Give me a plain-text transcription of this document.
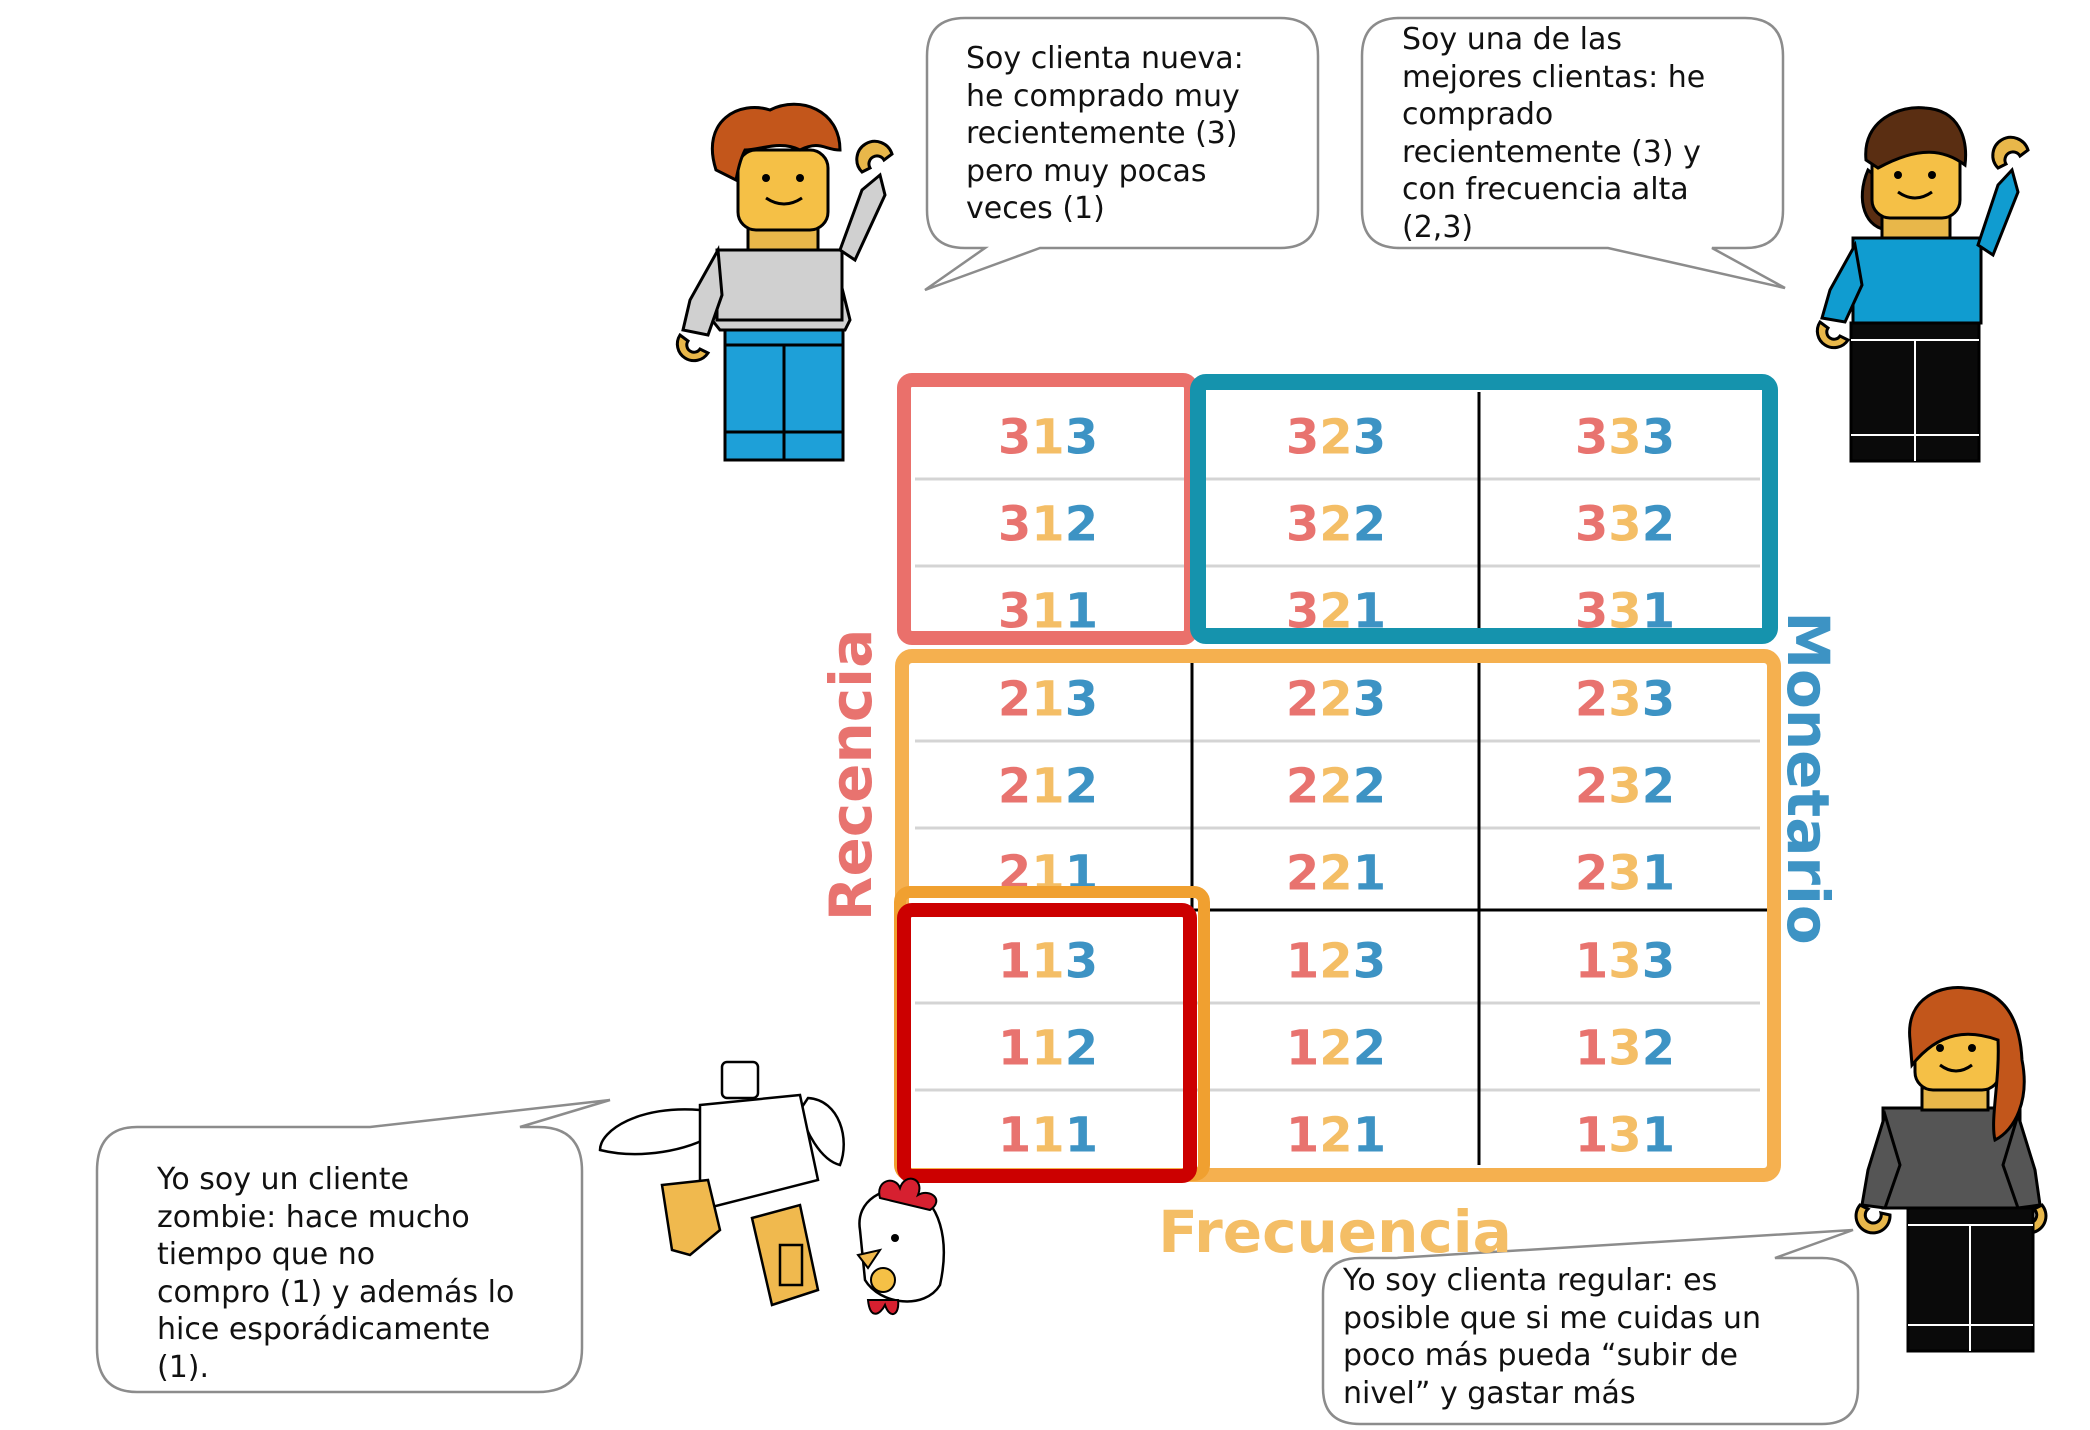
313
312
311
323
322
321
333
332
331
213
212
211
223
222
221
233
232
231
113
112
111
123
122
121
133
132
131
Recencia	Monetario
Frecuencia
Soy clienta nueva:
he comprado muy
recientemente (3)
pero muy pocas
veces (1)
Soy una de las
mejores clientas: he
comprado
recientemente (3) y
con frecuencia alta
(2,3)
Yo soy un cliente
zombie: hace mucho
tiempo que no
compro (1) y además lo
hice esporádicamente
(1).
Yo soy clienta regular: es
posible que si me cuidas un
poco más pueda “subir de
nivel” y gastar más
